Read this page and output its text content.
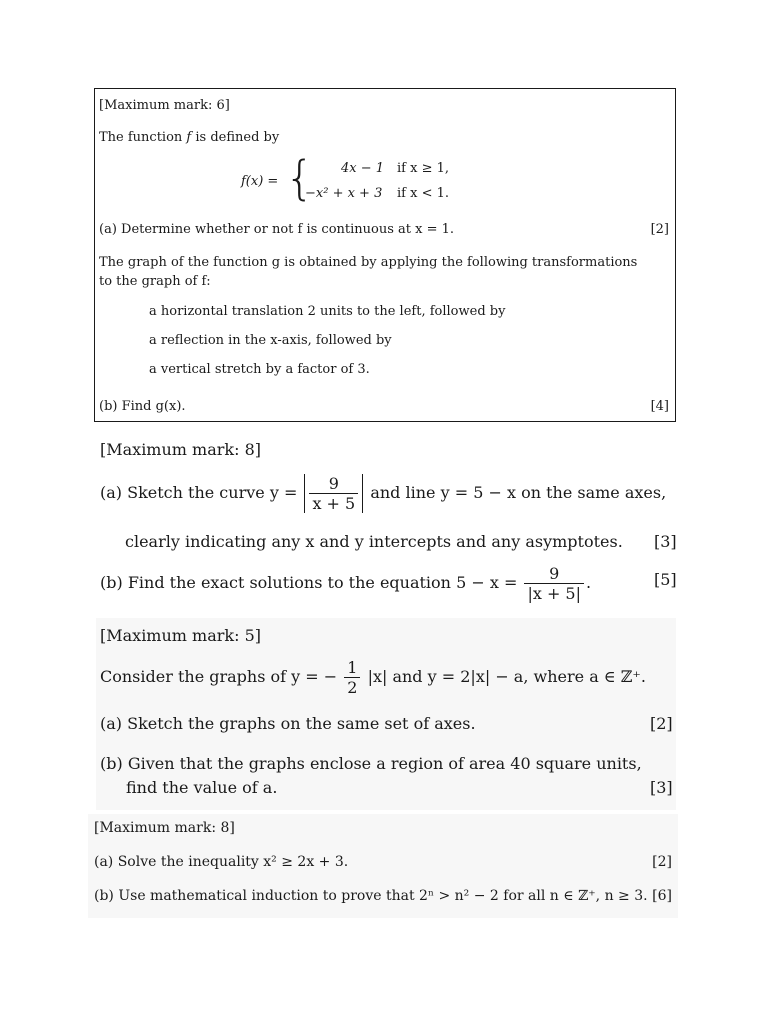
[Maximum mark: 6]
The function f is defined by
f(x) = { 4x − 1 if x ≥ 1,
−x² + x + 3 if x < 1.
(a) Determine whether or not f is continuous at x = 1.	[2]
The graph of the function g is obtained by applying the following transformations
to the graph of f:
a horizontal translation 2 units to the left, followed by
a reflection in the x-axis, followed by
a vertical stretch by a factor of 3.
(b) Find g(x).	[4]
[Maximum mark: 8]
(a) Sketch the curve $y = \frac{9}{x + 5}$ and line y = 5 − x on the same axes,
clearly indicating any x and y intercepts and any asymptotes. [3]
(b) Find the exact solutions to the equation $5 - x = \frac{9}{|x + 5|}$ .	[5]
[Maximum mark: 5]
Consider the graphs of y = − $\frac{1}{2} |x|$ and y = 2|x| − a, where a ∈ ℤ⁺.
(a) Sketch the graphs on the same set of axes.	[2]
(b) Given that the graphs enclose a region of area 40 square units,
find the value of a.	[3]
[Maximum mark: 8]
(a) Solve the inequality x² ≥ 2x + 3.	[2]
(b) Use mathematical induction to prove that 2ⁿ > n² − 2 for all n ∈ ℤ⁺, n ≥ 3. [6]
